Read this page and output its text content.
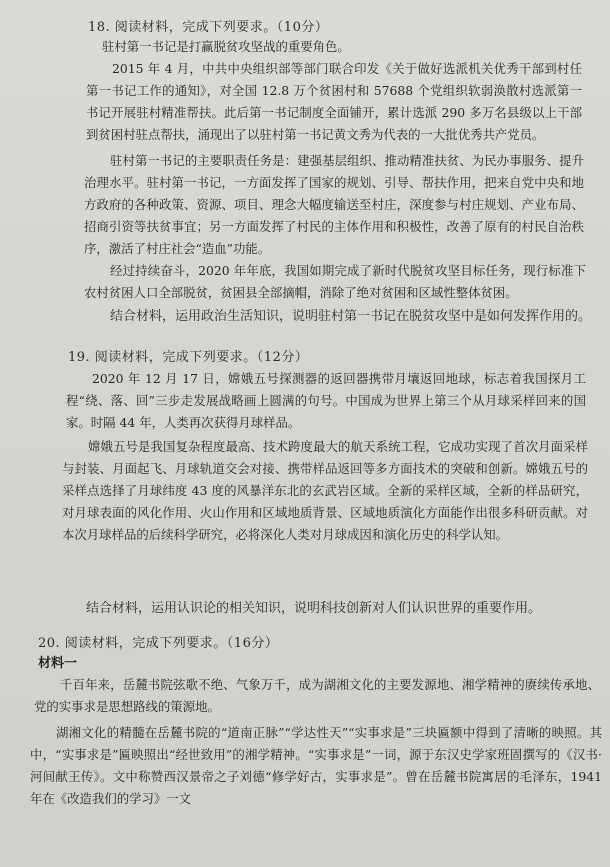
18. 阅读材料，完成下列要求。（10分）
驻村第一书记是打赢脱贫攻坚战的重要角色。
2015 年 4 月，中共中央组织部等部门联合印发《关于做好选派机关优秀干部到村任第一书记工作的通知》，对全国 12.8 万个贫困村和 57688 个党组织软弱涣散村选派第一书记开展驻村精准帮扶。此后第一书记制度全面铺开，累计选派 290 多万名县级以上干部到贫困村驻点帮扶，涌现出了以驻村第一书记黄文秀为代表的一大批优秀共产党员。
驻村第一书记的主要职责任务是：建强基层组织、推动精准扶贫、为民办事服务、提升治理水平。驻村第一书记，一方面发挥了国家的规划、引导、帮扶作用，把来自党中央和地方政府的各种政策、资源、项目、理念大幅度输送至村庄，深度参与村庄规划、产业布局、招商引资等扶贫事宜；另一方面发挥了村民的主体作用和积极性，改善了原有的村民自治秩序，激活了村庄社会“造血”功能。
经过持续奋斗，2020 年年底，我国如期完成了新时代脱贫攻坚目标任务，现行标准下农村贫困人口全部脱贫，贫困县全部摘帽，消除了绝对贫困和区域性整体贫困。
结合材料，运用政治生活知识，说明驻村第一书记在脱贫攻坚中是如何发挥作用的。
19. 阅读材料，完成下列要求。（12分）
2020 年 12 月 17 日，嫦娥五号探测器的返回器携带月壤返回地球，标志着我国探月工程“绕、落、回”三步走发展战略画上圆满的句号。中国成为世界上第三个从月球采样回来的国家。时隔 44 年，人类再次获得月球样品。
嫦娥五号是我国复杂程度最高、技术跨度最大的航天系统工程，它成功实现了首次月面采样与封装、月面起飞、月球轨道交会对接、携带样品返回等多方面技术的突破和创新。嫦娥五号的采样点选择了月球纬度 43 度的风暴洋东北的玄武岩区域。全新的采样区域，全新的样品研究，对月球表面的风化作用、火山作用和区域地质背景、区域地质演化方面能作出很多科研贡献。对本次月球样品的后续科学研究，必将深化人类对月球成因和演化历史的科学认知。
结合材料，运用认识论的相关知识，说明科技创新对人们认识世界的重要作用。
20. 阅读材料，完成下列要求。（16分）
材料一
千百年来，岳麓书院弦歌不绝、气象万千，成为湖湘文化的主要发源地、湘学精神的赓续传承地、党的实事求是思想路线的策源地。
湖湘文化的精髓在岳麓书院的“道南正脉”“学达性天”“实事求是”三块匾额中得到了清晰的映照。其中，“实事求是”匾映照出“经世致用”的湘学精神。“实事求是”一词，源于东汉史学家班固撰写的《汉书·河间献王传》。文中称赞西汉景帝之子刘德“修学好古，实事求是”。曾在岳麓书院寓居的毛泽东，1941 年在《改造我们的学习》一文
